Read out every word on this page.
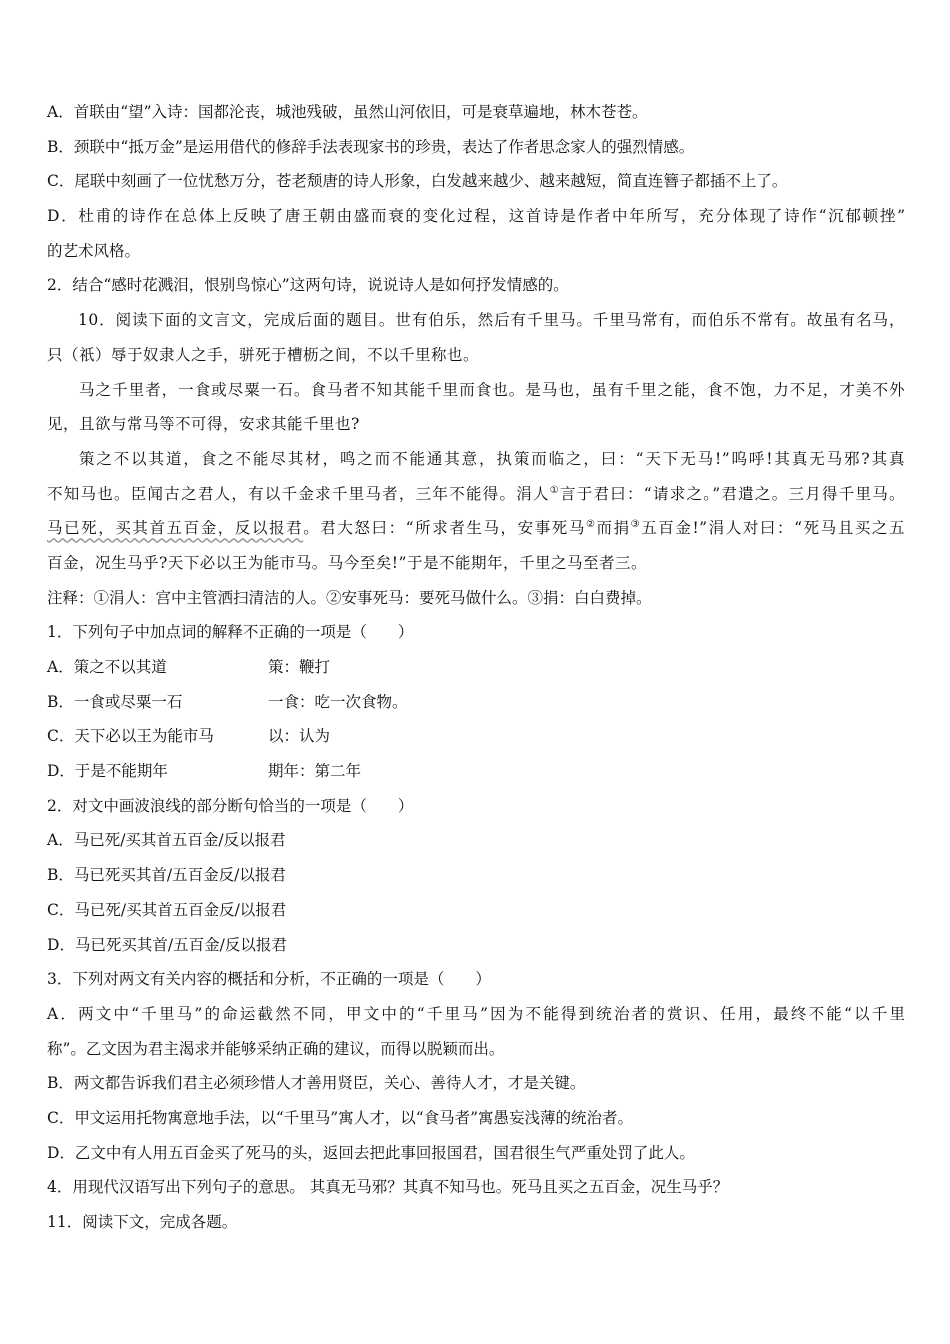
A．首联由“望”入诗：国都沦丧，城池残破，虽然山河依旧，可是衰草遍地，林木苍苍。
B．颈联中“抵万金”是运用借代的修辞手法表现家书的珍贵，表达了作者思念家人的强烈情感。
C．尾联中刻画了一位忧愁万分，苍老颓唐的诗人形象，白发越来越少、越来越短，简直连簪子都插不上了。
D．杜甫的诗作在总体上反映了唐王朝由盛而衰的变化过程，这首诗是作者中年所写，充分体现了诗作“沉郁顿挫”
的艺术风格。
2．结合“感时花溅泪，恨别鸟惊心”这两句诗，说说诗人是如何抒发情感的。
10．阅读下面的文言文，完成后面的题目。世有伯乐，然后有千里马。千里马常有，而伯乐不常有。故虽有名马，
只（祇）辱于奴隶人之手，骈死于槽枥之间，不以千里称也。
马之千里者，一食或尽粟一石。食马者不知其能千里而食也。是马也，虽有千里之能，食不饱，力不足，才美不外
见，且欲与常马等不可得，安求其能千里也?
策之不以其道，食之不能尽其材，鸣之而不能通其意，执策而临之，曰：“天下无马!”呜呼!其真无马邪?其真
不知马也。臣闻古之君人，有以千金求千里马者，三年不能得。涓人①言于君曰：“请求之。”君遣之。三月得千里马。
马已死，买其首五百金，反以报君。君大怒曰：“所求者生马，安事死马②而捐③五百金!”涓人对曰：“死马且买之五
百金，况生马乎?天下必以王为能市马。马今至矣!”于是不能期年，千里之马至者三。
注释：①涓人：宫中主管洒扫清洁的人。②安事死马：要死马做什么。③捐：白白费掉。
1．下列句子中加点词的解释不正确的一项是（　　）
A．策之不以其道	策：鞭打
B．一食或尽粟一石	一食：吃一次食物。
C．天下必以王为能市马	以：认为
D．于是不能期年	期年：第二年
2．对文中画波浪线的部分断句恰当的一项是（　　）
A．马已死/买其首五百金/反以报君
B．马已死买其首/五百金反/以报君
C．马已死/买其首五百金反/以报君
D．马已死买其首/五百金/反以报君
3．下列对两文有关内容的概括和分析，不正确的一项是（　　）
A．两文中“千里马”的命运截然不同，甲文中的“千里马”因为不能得到统治者的赏识、任用，最终不能“以千里
称”。乙文因为君主渴求并能够采纳正确的建议，而得以脱颖而出。
B．两文都告诉我们君主必须珍惜人才善用贤臣，关心、善待人才，才是关键。
C．甲文运用托物寓意地手法，以“千里马”寓人才，以“食马者”寓愚妄浅薄的统治者。
D．乙文中有人用五百金买了死马的头，返回去把此事回报国君，国君很生气严重处罚了此人。
4．用现代汉语写出下列句子的意思。 其真无马邪？其真不知马也。死马且买之五百金，况生马乎？
11．阅读下文，完成各题。
